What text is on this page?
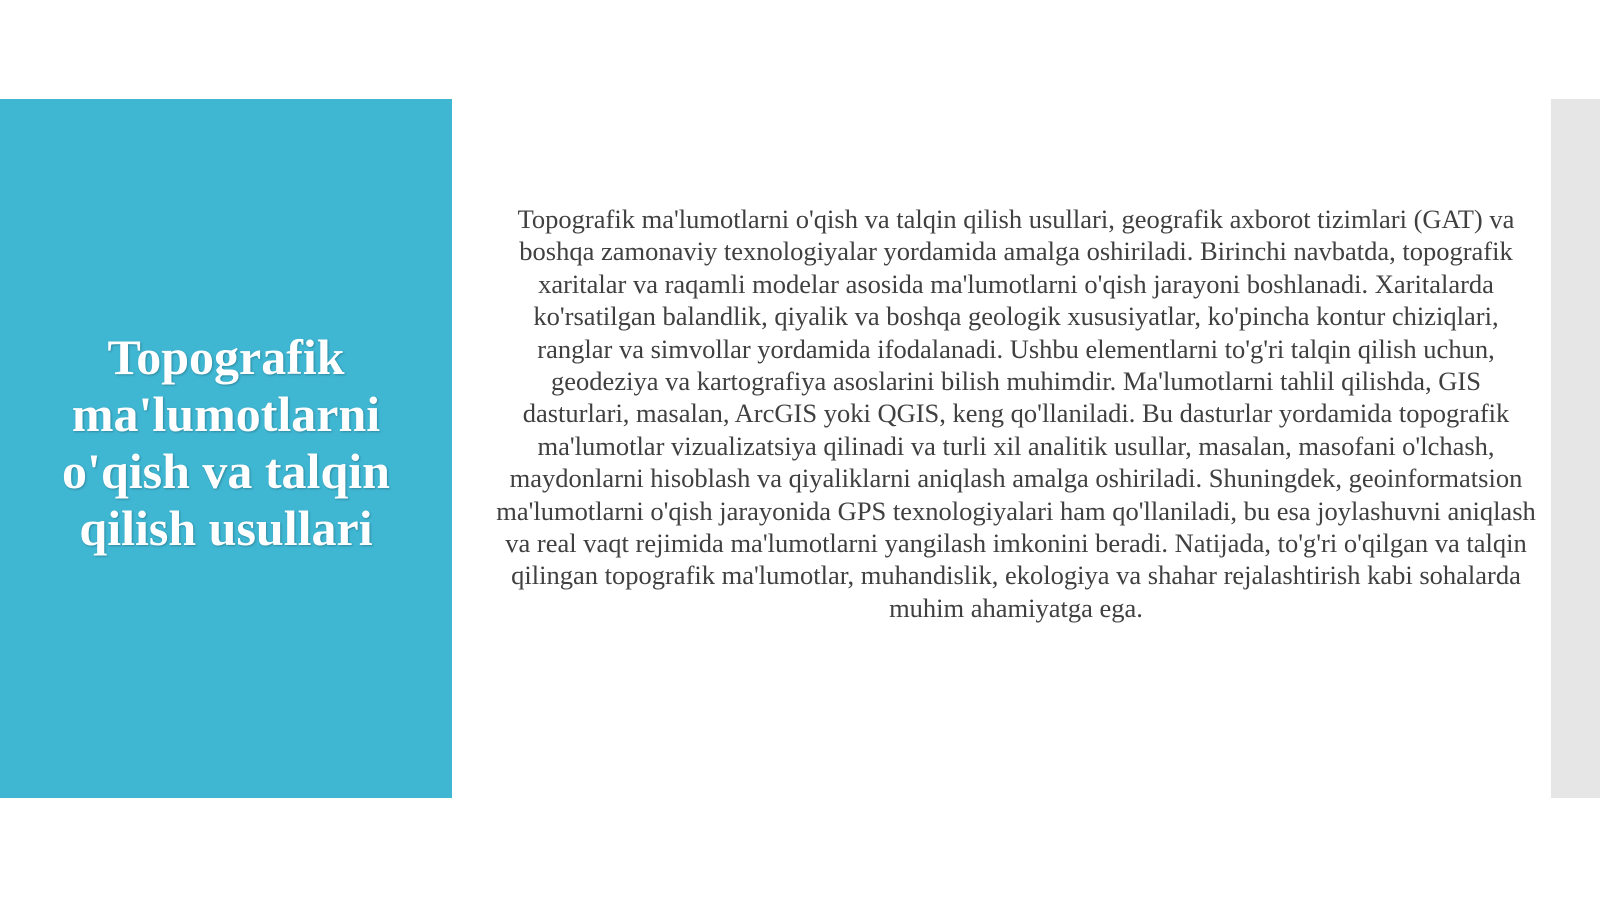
Topografik ma'lumotlarni o'qish va talqin qilish usullari

Topografik ma'lumotlarni o'qish va talqin qilish usullari, geografik axborot tizimlari (GAT) va boshqa zamonaviy texnologiyalar yordamida amalga oshiriladi. Birinchi navbatda, topografik xaritalar va raqamli modelar asosida ma'lumotlarni o'qish jarayoni boshlanadi. Xaritalarda ko'rsatilgan balandlik, qiyalik va boshqa geologik xususiyatlar, ko'pincha kontur chiziqlari, ranglar va simvollar yordamida ifodalanadi. Ushbu elementlarni to'g'ri talqin qilish uchun, geodeziya va kartografiya asoslarini bilish muhimdir. Ma'lumotlarni tahlil qilishda, GIS dasturlari, masalan, ArcGIS yoki QGIS, keng qo'llaniladi. Bu dasturlar yordamida topografik ma'lumotlar vizualizatsiya qilinadi va turli xil analitik usullar, masalan, masofani o'lchash, maydonlarni hisoblash va qiyaliklarni aniqlash amalga oshiriladi. Shuningdek, geoinformatsion ma'lumotlarni o'qish jarayonida GPS texnologiyalari ham qo'llaniladi, bu esa joylashuvni aniqlash va real vaqt rejimida ma'lumotlarni yangilash imkonini beradi. Natijada, to'g'ri o'qilgan va talqin qilingan topografik ma'lumotlar, muhandislik, ekologiya va shahar rejalashtirish kabi sohalarda muhim ahamiyatga ega.
